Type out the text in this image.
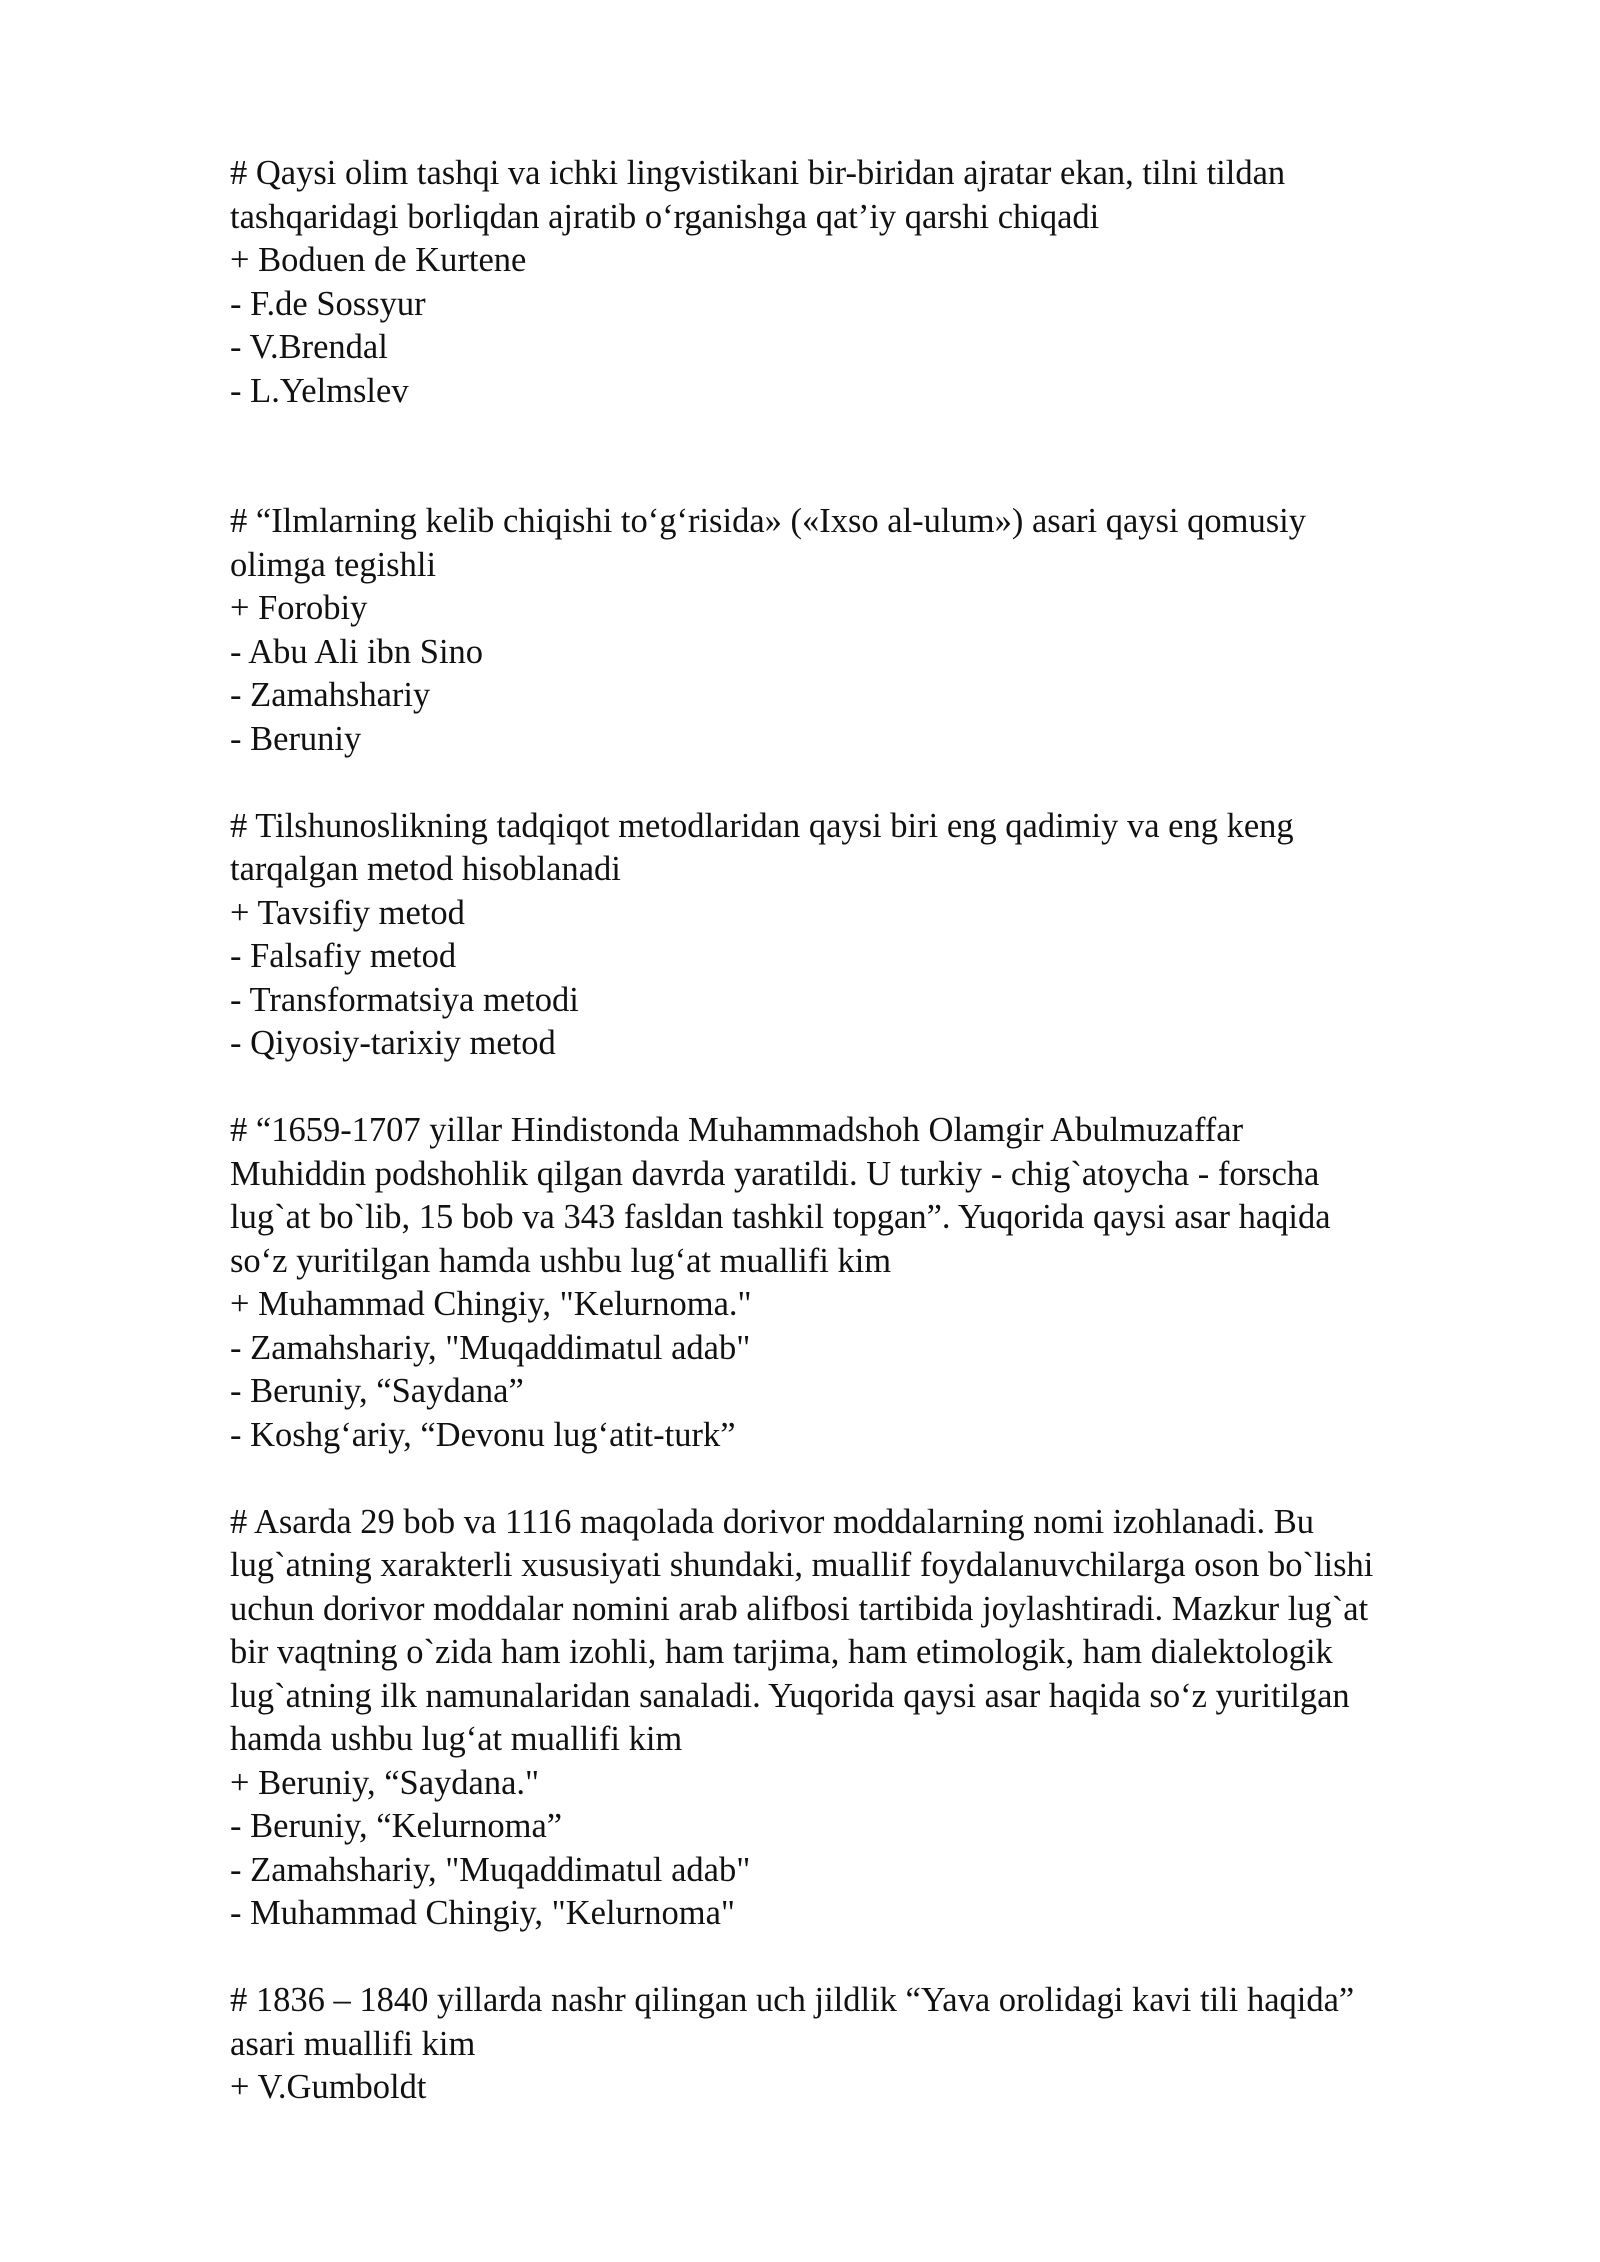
# Qaysi olim tashqi va ichki lingvistikani bir-biridan ajratar ekan, tilni tildan
tashqaridagi borliqdan ajratib o‘rganishga qat’iy qarshi chiqadi
+ Boduen de Kurtene
- F.de Sossyur
- V.Brendal
- L.Yelmslev
# “Ilmlarning kelib chiqishi to‘g‘risida» («Ixso al-ulum») asari qaysi qomusiy
olimga tegishli
+ Forobiy
- Abu Ali ibn Sino
- Zamahshariy
- Beruniy
# Tilshunoslikning tadqiqot metodlaridan qaysi biri eng qadimiy va eng keng
tarqalgan metod hisoblanadi
+ Tavsifiy metod
- Falsafiy metod
- Transformatsiya metodi
- Qiyosiy-tarixiy metod
# “1659-1707 yillar Hindistonda Muhammadshoh Olamgir Abulmuzaffar
Muhiddin podshohlik qilgan davrda yaratildi. U turkiy - chig`atoycha - forscha
lug`at bo`lib, 15 bob va 343 fasldan tashkil topgan”. Yuqorida qaysi asar haqida
so‘z yuritilgan hamda ushbu lug‘at muallifi kim
+ Muhammad Chingiy, "Kelurnoma."
- Zamahshariy, "Muqaddimatul adab"
- Beruniy, “Saydana”
- Koshg‘ariy, “Devonu lug‘atit-turk”
# Asarda 29 bob va 1116 maqolada dorivor moddalarning nomi izohlanadi. Bu
lug`atning xarakterli xususiyati shundaki, muallif foydalanuvchilarga oson bo`lishi
uchun dorivor moddalar nomini arab alifbosi tartibida joylashtiradi. Mazkur lug`at
bir vaqtning o`zida ham izohli, ham tarjima, ham etimologik, ham dialektologik
lug`atning ilk namunalaridan sanaladi. Yuqorida qaysi asar haqida so‘z yuritilgan
hamda ushbu lug‘at muallifi kim
+ Beruniy, “Saydana."
- Beruniy, “Kelurnoma”
- Zamahshariy, "Muqaddimatul adab"
- Muhammad Chingiy, "Kelurnoma"
# 1836 – 1840 yillarda nashr qilingan uch jildlik “Yava orolidagi kavi tili haqida”
asari muallifi kim
+ V.Gumboldt
